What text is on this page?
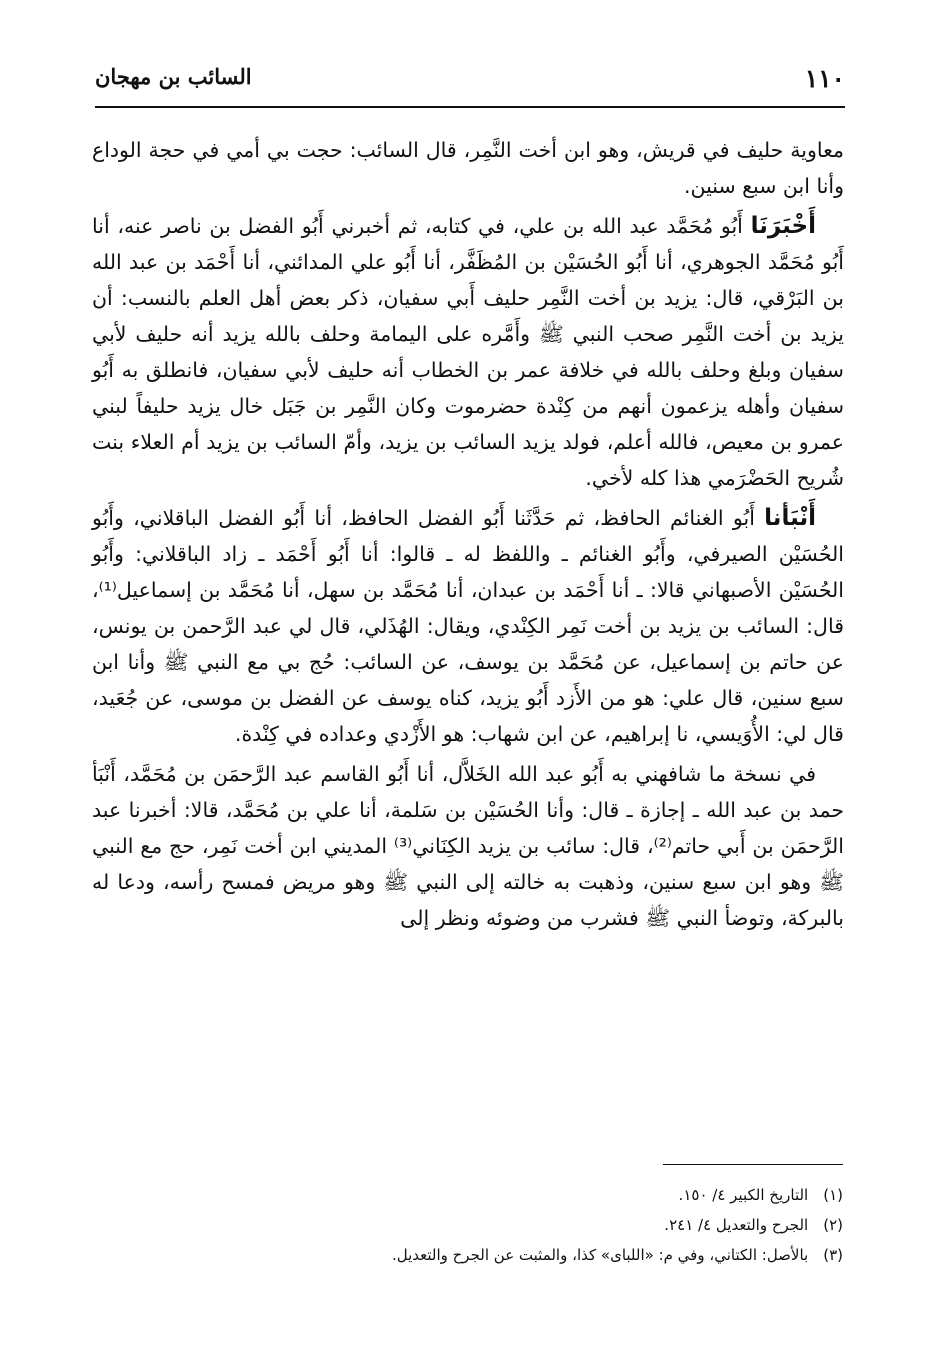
١١٠
السائب بن مهجان

معاوية حليف في قريش، وهو ابن أخت النَّمِر، قال السائب: حجت بي أمي في حجة الوداع وأنا ابن سبع سنين.

أَخْبَرَنَا أَبُو مُحَمَّد عبد الله بن علي، في كتابه، ثم أخبرني أَبُو الفضل بن ناصر عنه، أنا أَبُو مُحَمَّد الجوهري، أنا أَبُو الحُسَيْن بن المُظَفَّر، أنا أَبُو علي المدائني، أنا أَحْمَد بن عبد الله بن البَرْقي، قال: يزيد بن أخت النَّمِر حليف أَبي سفيان، ذكر بعض أهل العلم بالنسب: أن يزيد بن أخت النَّمِر صحب النبي ﷺ وأَمَّره على اليمامة وحلف بالله يزيد أنه حليف لأبي سفيان وبلغ وحلف بالله في خلافة عمر بن الخطاب أنه حليف لأبي سفيان، فانطلق به أَبُو سفيان وأهله يزعمون أنهم من كِنْدة حضرموت وكان النَّمِر بن جَبَل خال يزيد حليفاً لبني عمرو بن معيص، فالله أعلم، فولد يزيد السائب بن يزيد، وأمّ السائب بن يزيد أم العلاء بنت شُريح الحَضْرَمي هذا كله لأخي.

أَنْبَأنا أَبُو الغنائم الحافظ، ثم حَدَّثَنا أَبُو الفضل الحافظ، أنا أَبُو الفضل الباقلاني، وأَبُو الحُسَيْن الصيرفي، وأَبُو الغنائم ـ واللفظ له ـ قالوا: أنا أَبُو أَحْمَد ـ زاد الباقلاني: وأَبُو الحُسَيْن الأصبهاني قالا: ـ أنا أَحْمَد بن عبدان، أنا مُحَمَّد بن سهل، أنا مُحَمَّد بن إسماعيل⁽¹⁾، قال: السائب بن يزيد بن أخت نَمِر الكِنْدي، ويقال: الهُذَلي، قال لي عبد الرَّحمن بن يونس، عن حاتم بن إسماعيل، عن مُحَمَّد بن يوسف، عن السائب: حُج بي مع النبي ﷺ وأنا ابن سبع سنين، قال علي: هو من الأَزد أَبُو يزيد، كناه يوسف عن الفضل بن موسى، عن جُعَيد، قال لي: الأُوَيسي، نا إبراهيم، عن ابن شهاب: هو الأَزْدي وعداده في كِنْدة.

في نسخة ما شافهني به أَبُو عبد الله الخَلاَّل، أنا أَبُو القاسم عبد الرَّحمَن بن مُحَمَّد، أَنْبَأ حمد بن عبد الله ـ إجازة ـ قال: وأنا الحُسَيْن بن سَلمة، أنا علي بن مُحَمَّد، قالا: أخبرنا عبد الرَّحمَن بن أَبي حاتم⁽²⁾، قال: سائب بن يزيد الكِنَاني⁽³⁾ المديني ابن أخت نَمِر، حج مع النبي ﷺ وهو ابن سبع سنين، وذهبت به خالته إلى النبي ﷺ وهو مريض فمسح رأسه، ودعا له بالبركة، وتوضأ النبي ﷺ فشرب من وضوئه ونظر إلى

(١) التاريخ الكبير ٤/ ١٥٠.

(٢) الجرح والتعديل ٤/ ٢٤١.

(٣) بالأصل: الكتاني، وفي م: «اللباى» كذا، والمثبت عن الجرح والتعديل.
